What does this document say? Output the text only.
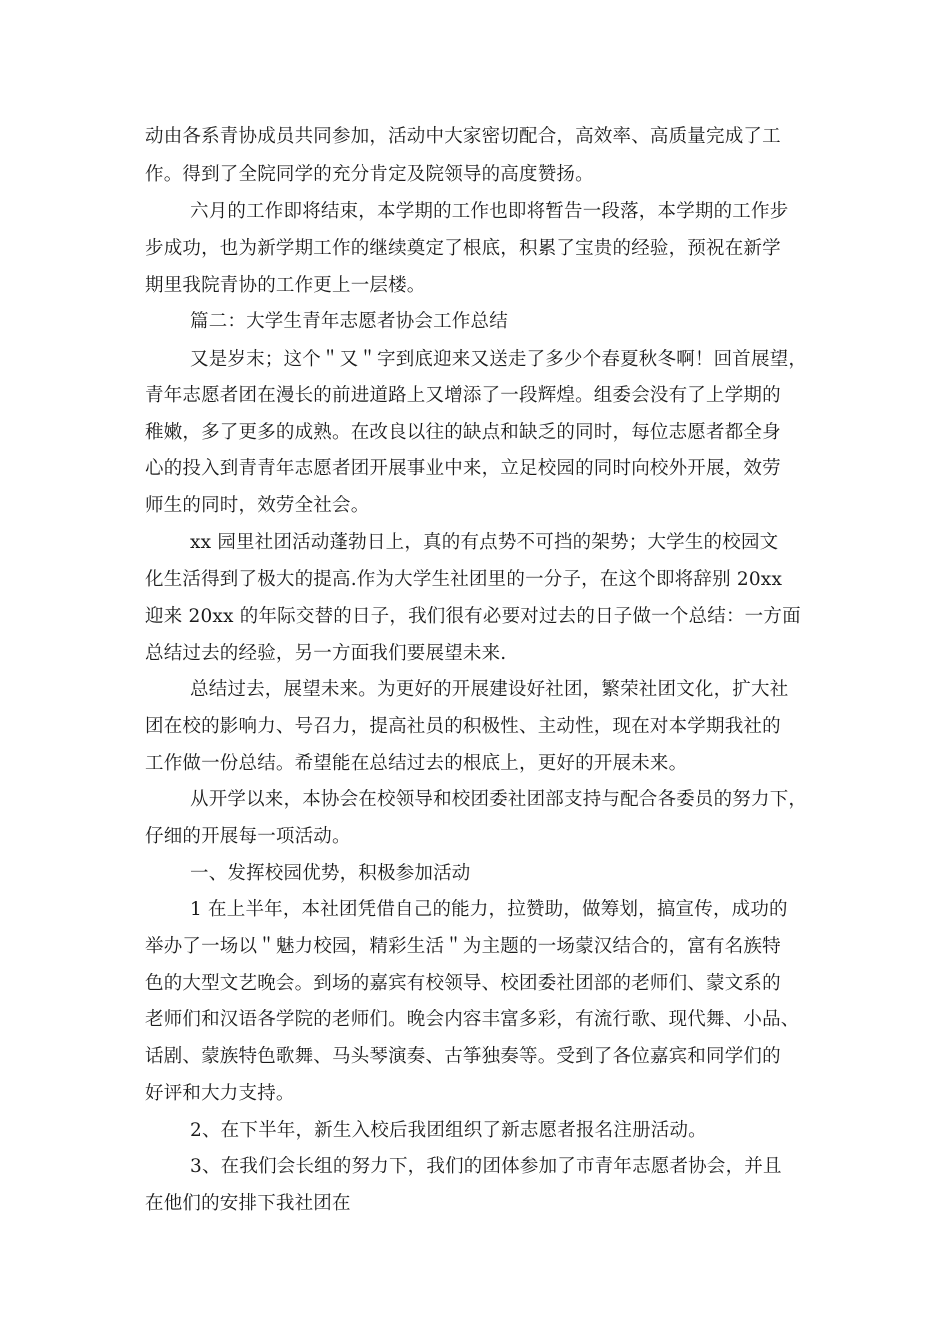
动由各系青协成员共同参加，活动中大家密切配合，高效率、高质量完成了工
作。得到了全院同学的充分肯定及院领导的高度赞扬。
六月的工作即将结束，本学期的工作也即将暂告一段落，本学期的工作步
步成功，也为新学期工作的继续奠定了根底，积累了宝贵的经验，预祝在新学
期里我院青协的工作更上一层楼。
篇二：大学生青年志愿者协会工作总结
又是岁末；这个＂又＂字到底迎来又送走了多少个春夏秋冬啊！回首展望，
青年志愿者团在漫长的前进道路上又增添了一段辉煌。组委会没有了上学期的
稚嫩，多了更多的成熟。在改良以往的缺点和缺乏的同时，每位志愿者都全身
心的投入到青青年志愿者团开展事业中来，立足校园的同时向校外开展，效劳
师生的同时，效劳全社会。
xx 园里社团活动蓬勃日上，真的有点势不可挡的架势；大学生的校园文
化生活得到了极大的提高.作为大学生社团里的一分子，在这个即将辞别 20xx
迎来 20xx 的年际交替的日子，我们很有必要对过去的日子做一个总结：一方面
总结过去的经验，另一方面我们要展望未来.
总结过去，展望未来。为更好的开展建设好社团，繁荣社团文化，扩大社
团在校的影响力、号召力，提高社员的积极性、主动性，现在对本学期我社的
工作做一份总结。希望能在总结过去的根底上，更好的开展未来。
从开学以来，本协会在校领导和校团委社团部支持与配合各委员的努力下，
仔细的开展每一项活动。
一、发挥校园优势，积极参加活动
1 在上半年，本社团凭借自己的能力，拉赞助，做筹划，搞宣传，成功的
举办了一场以＂魅力校园，精彩生活＂为主题的一场蒙汉结合的，富有名族特
色的大型文艺晚会。到场的嘉宾有校领导、校团委社团部的老师们、蒙文系的
老师们和汉语各学院的老师们。晚会内容丰富多彩，有流行歌、现代舞、小品、
话剧、蒙族特色歌舞、马头琴演奏、古筝独奏等。受到了各位嘉宾和同学们的
好评和大力支持。
2、在下半年，新生入校后我团组织了新志愿者报名注册活动。
3、在我们会长组的努力下，我们的团体参加了市青年志愿者协会，并且
在他们的安排下我社团在
